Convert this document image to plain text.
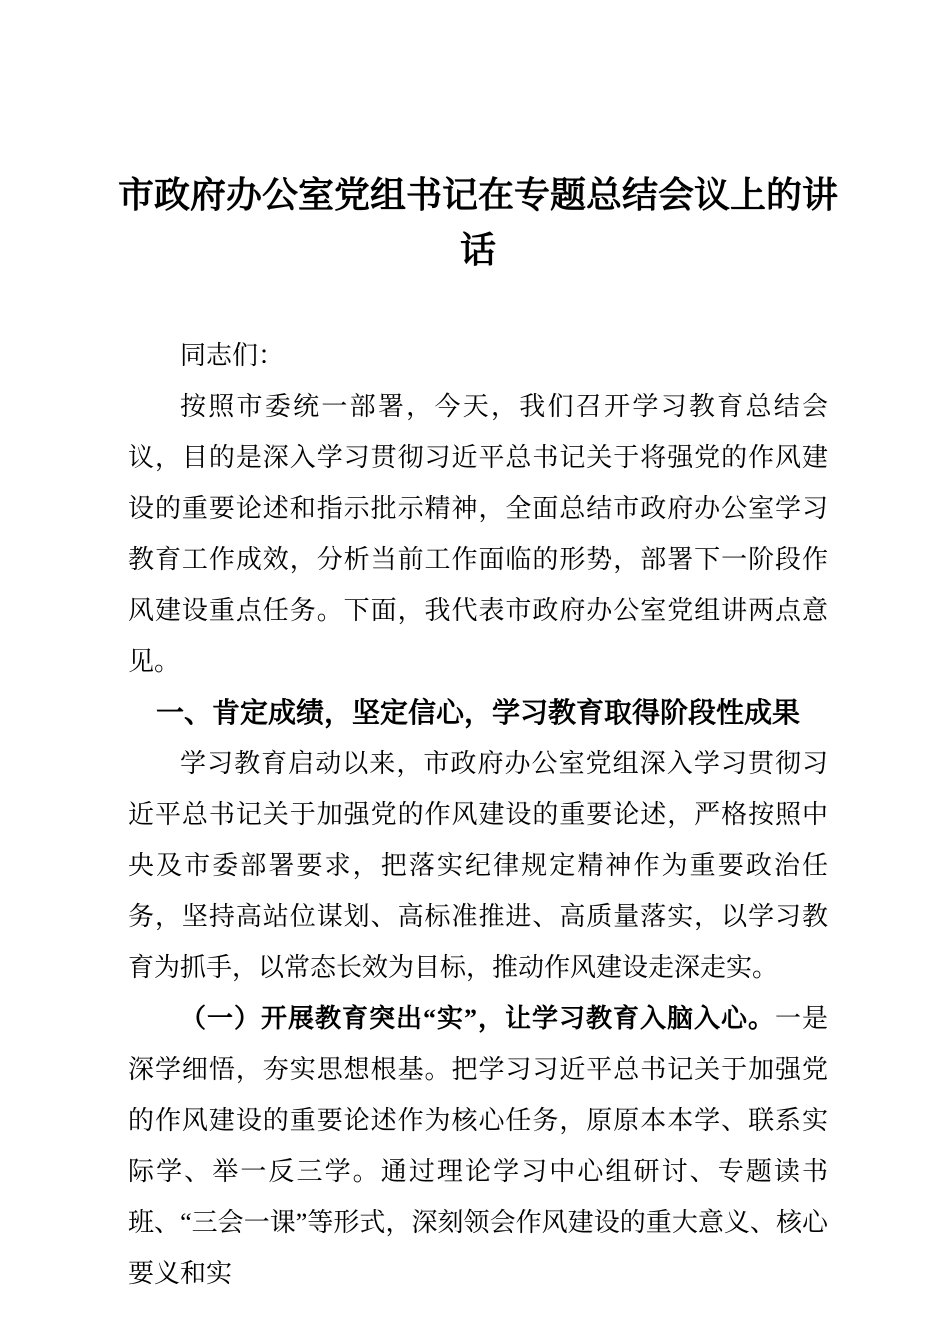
市政府办公室党组书记在专题总结会议上的讲
话

同志们：

按照市委统一部署，今天，我们召开学习教育总结会议，目的是深入学习贯彻习近平总书记关于将强党的作风建设的重要论述和指示批示精神，全面总结市政府办公室学习教育工作成效，分析当前工作面临的形势，部署下一阶段作风建设重点任务。下面，我代表市政府办公室党组讲两点意见。

一、肯定成绩，坚定信心，学习教育取得阶段性成果

学习教育启动以来，市政府办公室党组深入学习贯彻习近平总书记关于加强党的作风建设的重要论述，严格按照中央及市委部署要求，把落实纪律规定精神作为重要政治任务，坚持高站位谋划、高标准推进、高质量落实，以学习教育为抓手，以常态长效为目标，推动作风建设走深走实。

（一）开展教育突出“实”，让学习教育入脑入心。一是深学细悟，夯实思想根基。把学习习近平总书记关于加强党的作风建设的重要论述作为核心任务，原原本本学、联系实际学、举一反三学。通过理论学习中心组研讨、专题读书班、“三会一课”等形式，深刻领会作风建设的重大意义、核心要义和实
